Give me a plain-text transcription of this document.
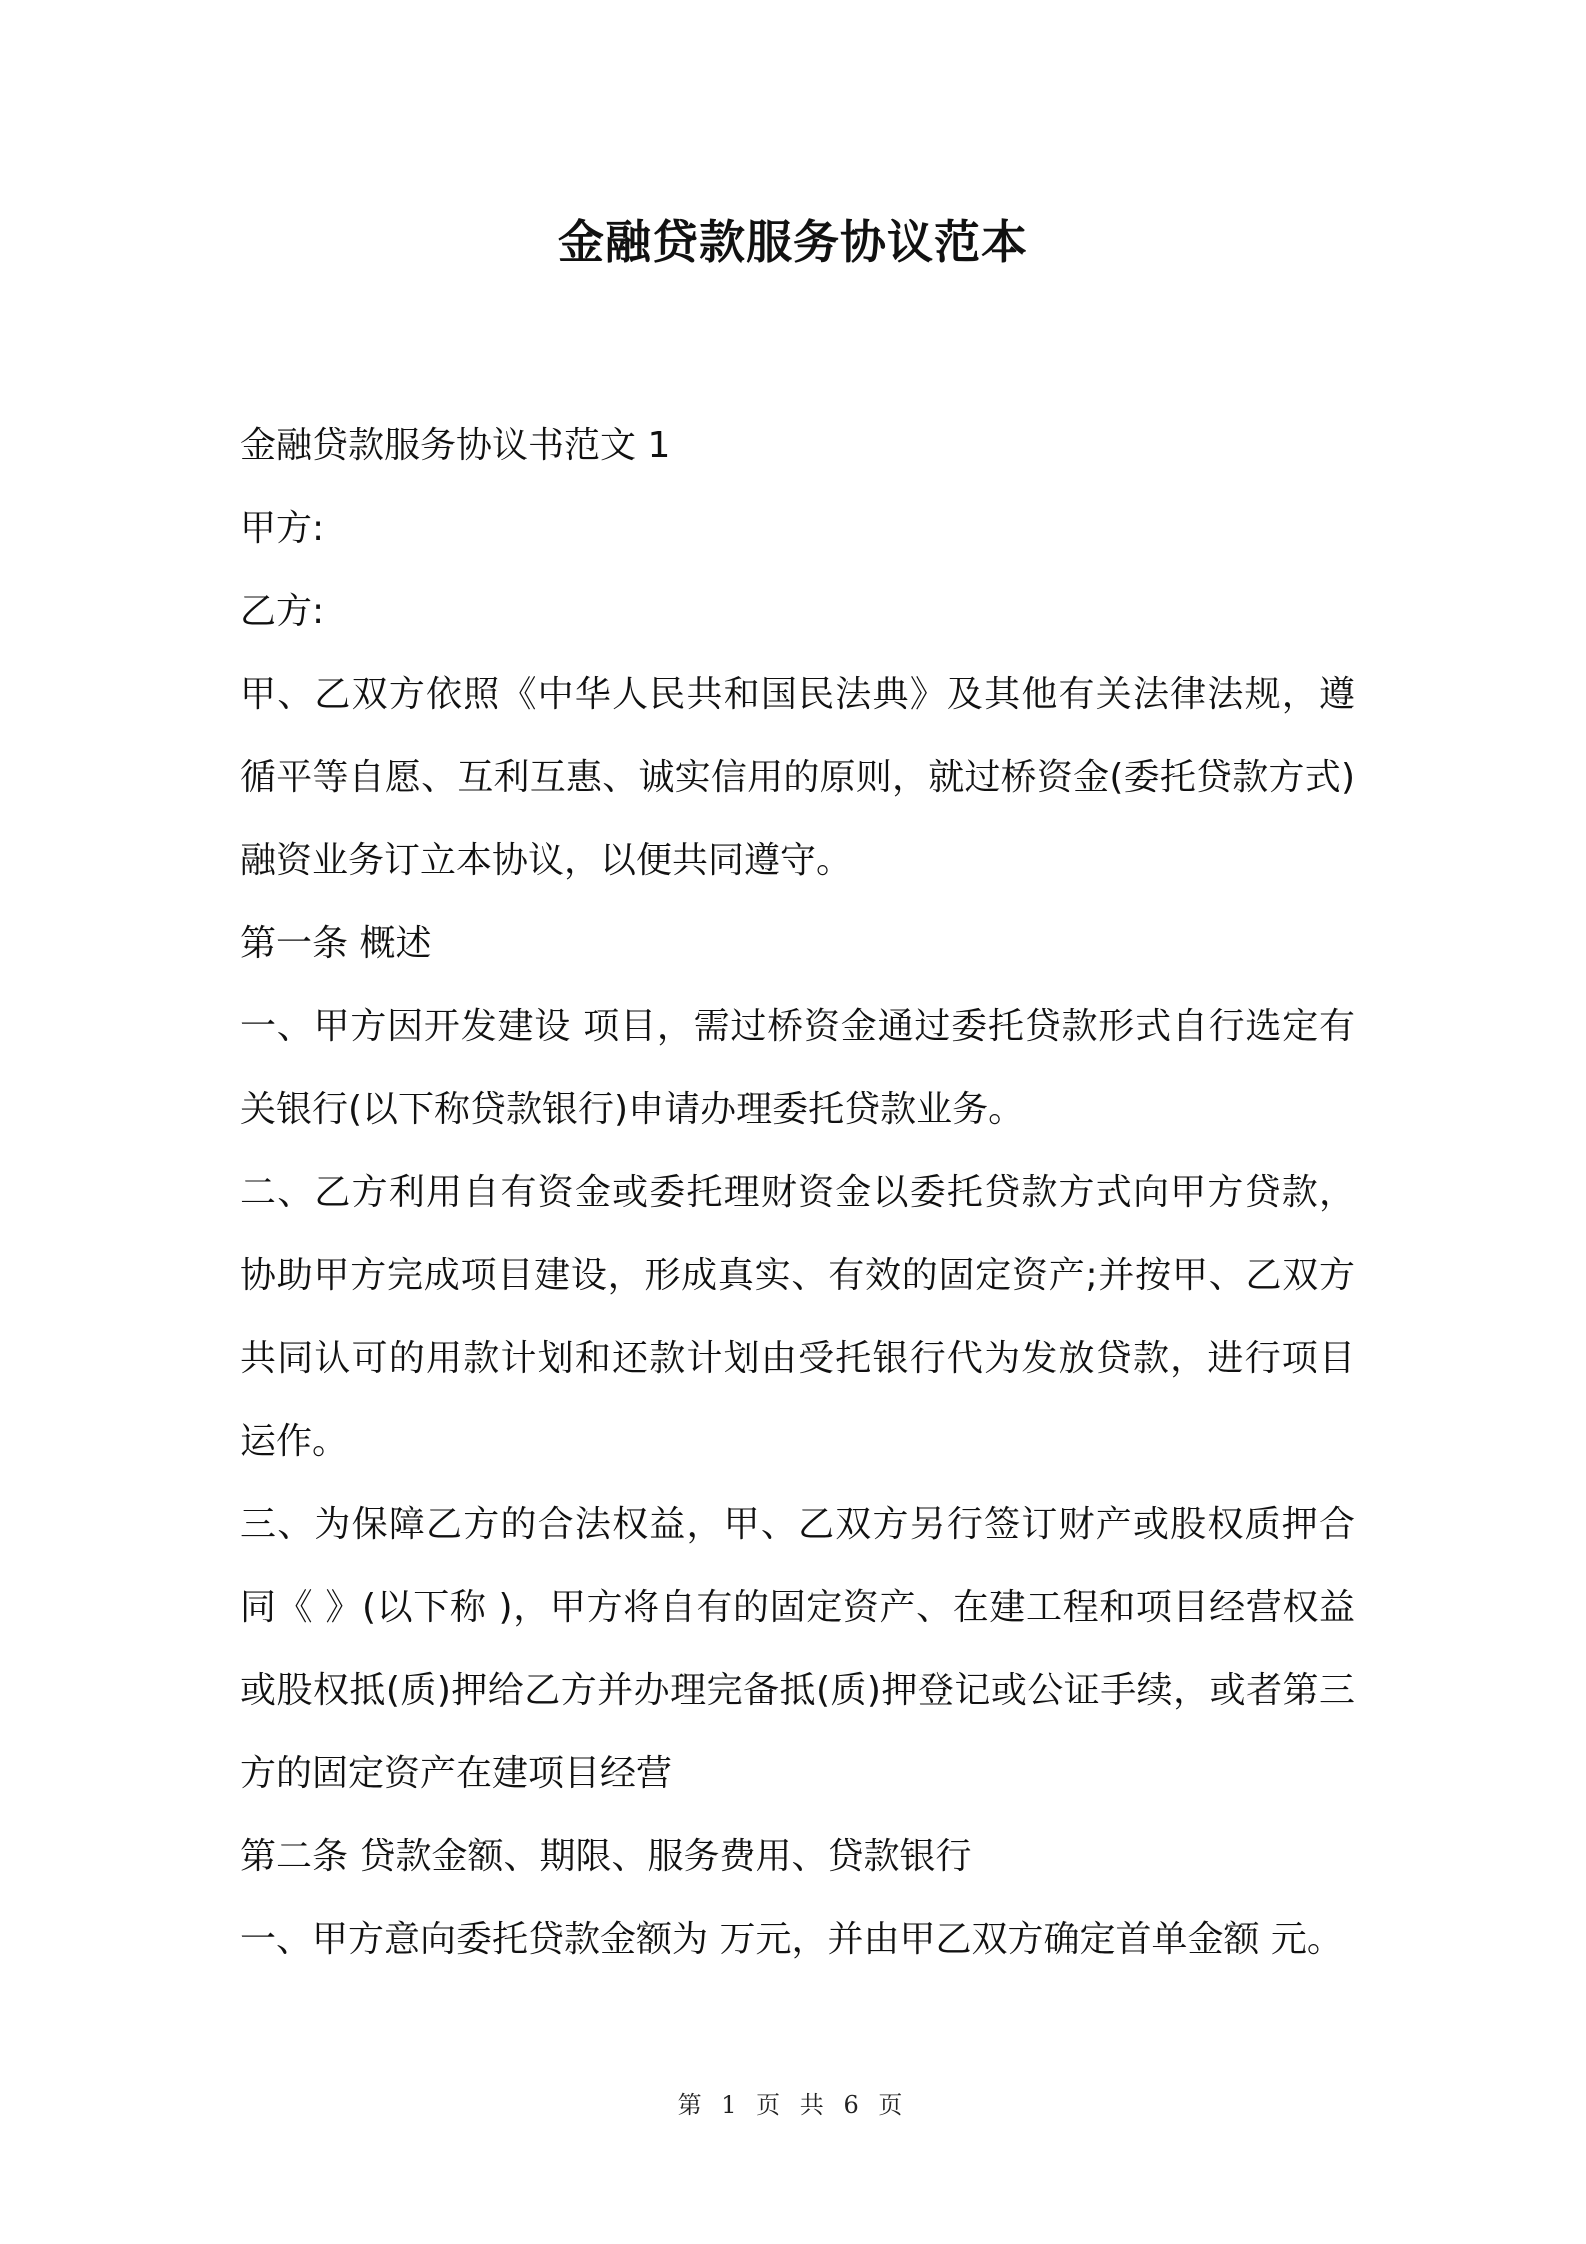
金融贷款服务协议范本

金融贷款服务协议书范文 1

甲方:

乙方:

甲、乙双方依照《中华人民共和国民法典》及其他有关法律法规，遵循平等自愿、互利互惠、诚实信用的原则，就过桥资金(委托贷款方式)融资业务订立本协议，以便共同遵守。

第一条 概述

一、甲方因开发建设 项目，需过桥资金通过委托贷款形式自行选定有关银行(以下称贷款银行)申请办理委托贷款业务。

二、乙方利用自有资金或委托理财资金以委托贷款方式向甲方贷款，协助甲方完成项目建设，形成真实、有效的固定资产;并按甲、乙双方共同认可的用款计划和还款计划由受托银行代为发放贷款，进行项目运作。

三、为保障乙方的合法权益，甲、乙双方另行签订财产或股权质押合同《 》(以下称 )，甲方将自有的固定资产、在建工程和项目经营权益或股权抵(质)押给乙方并办理完备抵(质)押登记或公证手续，或者第三方的固定资产在建项目经营

第二条 贷款金额、期限、服务费用、贷款银行

一、甲方意向委托贷款金额为 万元，并由甲乙双方确定首单金额 元。

第 1 页 共 6 页
